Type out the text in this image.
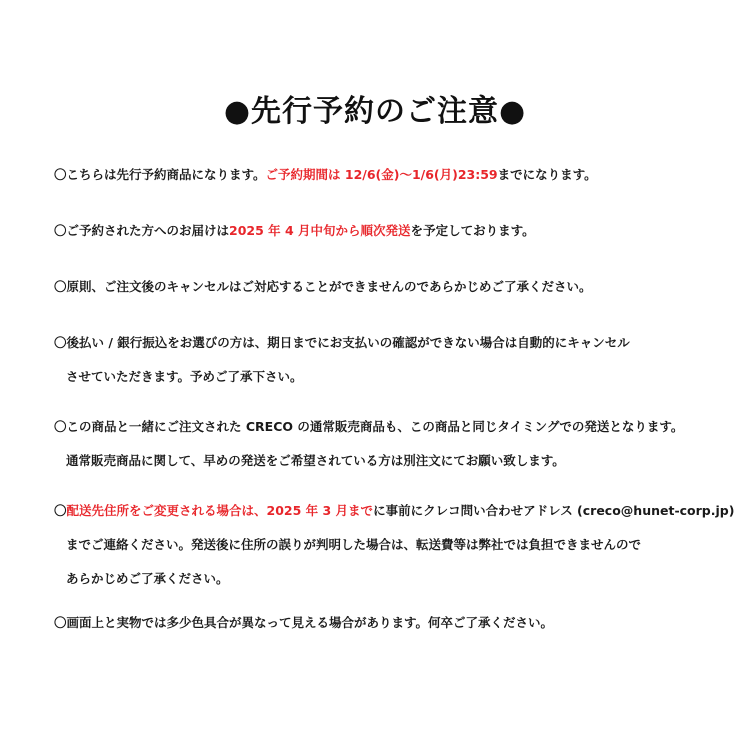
●先行予約のご注意●
〇こちらは先行予約商品になります。ご予約期間は 12/6(金)〜1/6(月)23:59までになります。
〇ご予約された方へのお届けは2025 年 4 月中旬から順次発送を予定しております。
〇原則、ご注文後のキャンセルはご対応することができませんのであらかじめご了承ください。
〇後払い / 銀行振込をお選びの方は、期日までにお支払いの確認ができない場合は自動的にキャンセル
させていただきます。予めご了承下さい。
〇この商品と一緒にご注文された CRECO の通常販売商品も、この商品と同じタイミングでの発送となります。
通常販売商品に関して、早めの発送をご希望されている方は別注文にてお願い致します。
〇配送先住所をご変更される場合は、2025 年 3 月までに事前にクレコ問い合わせアドレス (creco@hunet-corp.jp)
までご連絡ください。発送後に住所の誤りが判明した場合は、転送費等は弊社では負担できませんので
あらかじめご了承ください。
〇画面上と実物では多少色具合が異なって見える場合があります。何卒ご了承ください。
